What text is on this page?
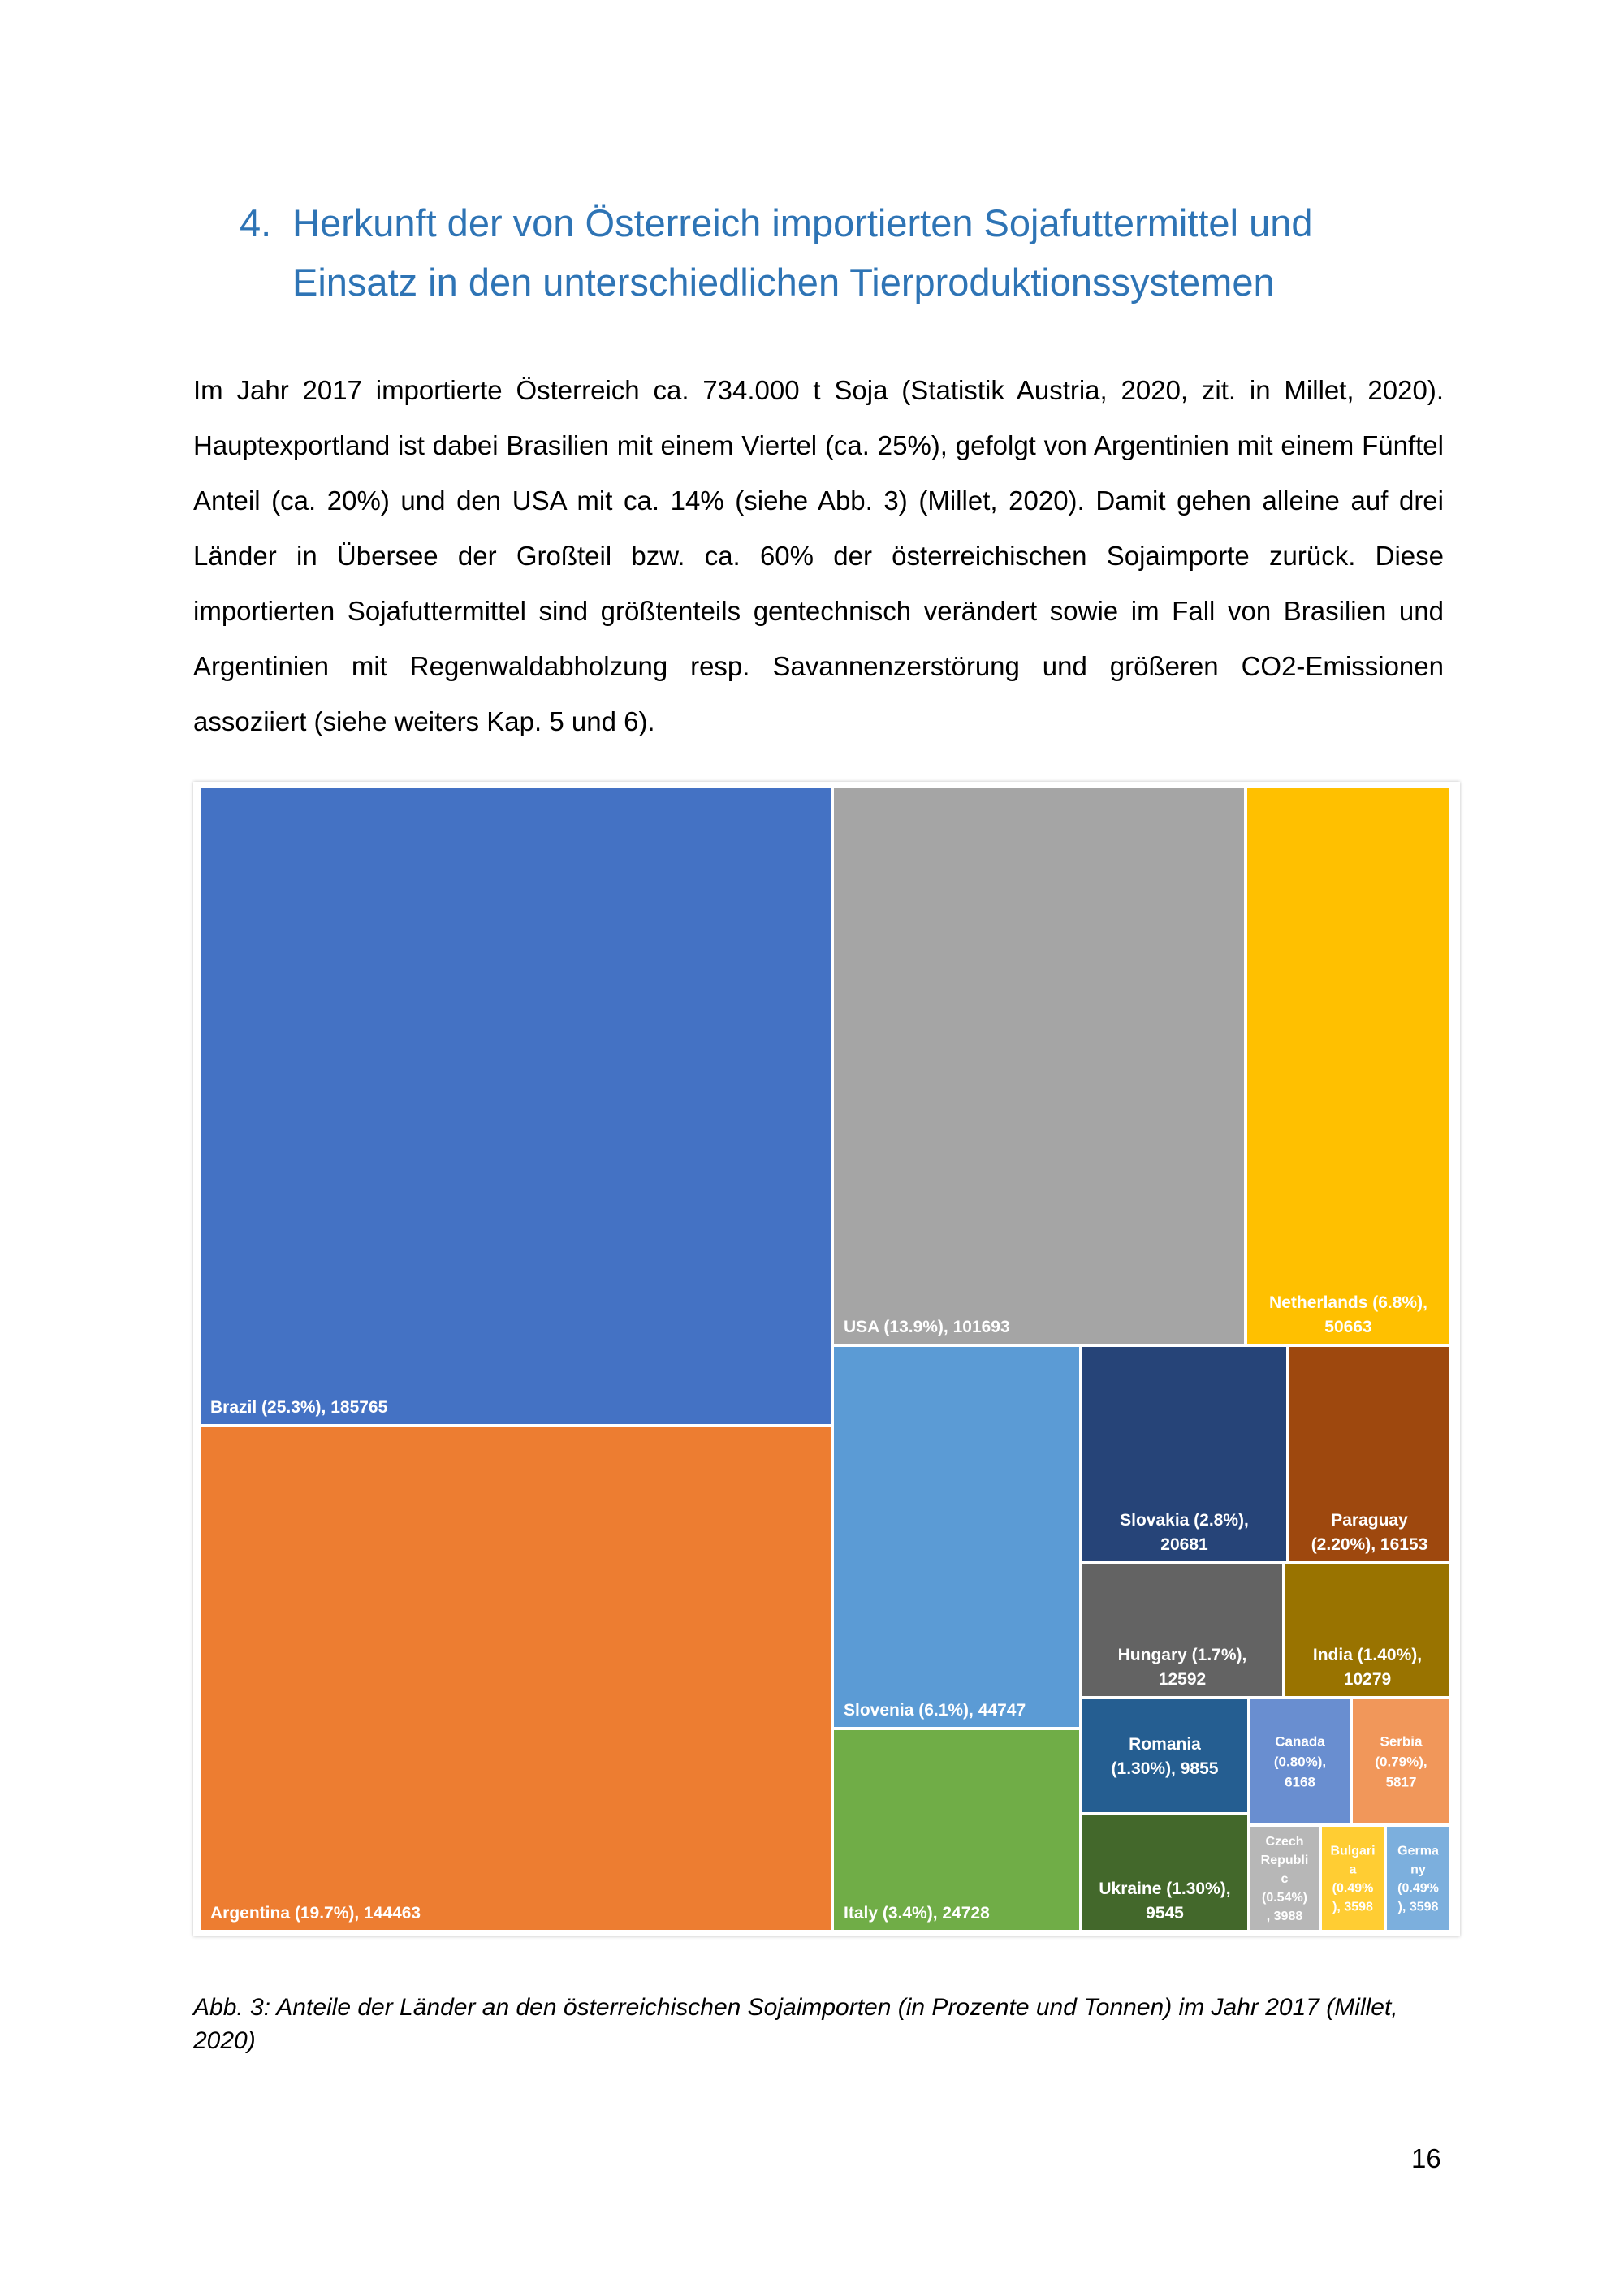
4. Herkunft der von Österreich importierten Sojafuttermittel und
Einsatz in den unterschiedlichen Tierproduktionssystemen

Im Jahr 2017 importierte Österreich ca. 734.000 t Soja (Statistik Austria, 2020, zit. in Millet, 2020). Hauptexportland ist dabei Brasilien mit einem Viertel (ca. 25%), gefolgt von Argentinien mit einem Fünftel Anteil (ca. 20%) und den USA mit ca. 14% (siehe Abb. 3) (Millet, 2020). Damit gehen alleine auf drei Länder in Übersee der Großteil bzw. ca. 60% der österreichischen Sojaimporte zurück. Diese importierten Sojafuttermittel sind größtenteils gentechnisch verändert sowie im Fall von Brasilien und Argentinien mit Regenwaldabholzung resp. Savannenzerstörung und größeren CO2-Emissionen assoziiert (siehe weiters Kap. 5 und 6).

Brazil (25.3%), 185765
Argentina (19.7%), 144463
USA (13.9%), 101693
Netherlands (6.8%), 50663
Slovenia (6.1%), 44747
Italy (3.4%), 24728
Slovakia (2.8%), 20681
Paraguay (2.20%), 16153
Hungary (1.7%), 12592
India (1.40%), 10279
Romania (1.30%), 9855
Ukraine (1.30%), 9545
Canada (0.80%), 6168
Serbia (0.79%), 5817
Czech Republi c (0.54%) , 3988
Bulgari a (0.49% ), 3598
Germa ny (0.49% ), 3598

Abb. 3: Anteile der Länder an den österreichischen Sojaimporten (in Prozente und Tonnen) im Jahr 2017 (Millet, 2020)

16
